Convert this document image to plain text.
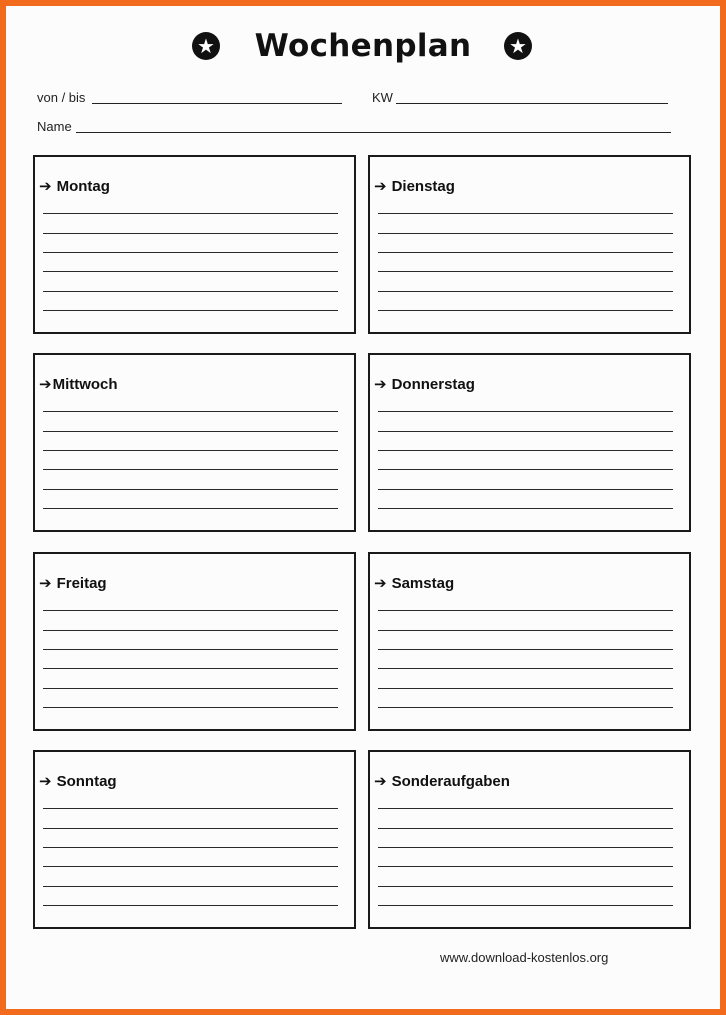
★	Wochenplan	★
von / bis	KW
Name
➔ Montag	➔ Dienstag
➔Mittwoch	➔ Donnerstag
➔ Freitag	➔ Samstag
➔ Sonntag	➔ Sonderaufgaben
www.download-kostenlos.org
